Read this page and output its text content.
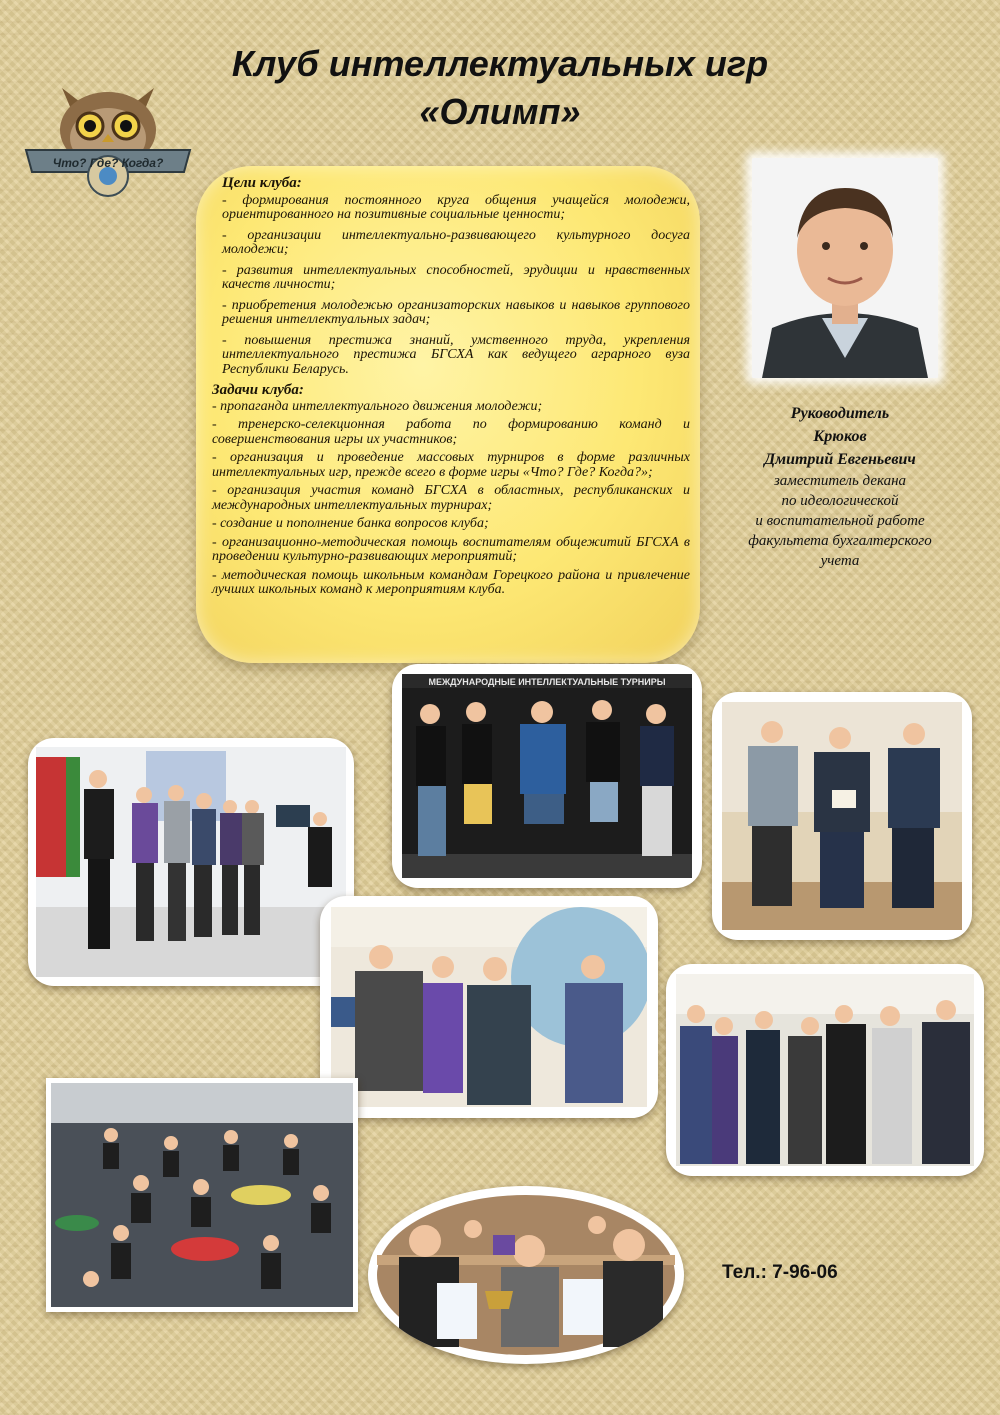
Клуб интеллектуальных игр
«Олимп»
Что? Где? Когда?
Цели клуба:
- формирования постоянного круга общения учащейся молодежи, ориентированного на позитивные социальные ценности;
- организации интеллектуально-развивающего культурного досуга молодежи;
- развития интеллектуальных способностей, эрудиции и нравственных качеств личности;
- приобретения молодежью организаторских навыков и навыков группового решения интеллектуальных задач;
- повышения престижа знаний, умственного труда, укрепления интеллектуального престижа БГСХА как ведущего аграрного вуза Республики Беларусь.
Задачи клуба:
- пропаганда интеллектуального движения молодежи;
- тренерско-селекционная работа по формированию команд и совершенствования игры их участников;
- организация и проведение массовых турниров в форме различных интеллектуальных игр, прежде всего в форме игры «Что? Где? Когда?»;
- организация участия команд БГСХА в областных, республиканских и международных интеллектуальных турнирах;
- создание и пополнение банка вопросов клуба;
- организационно-методическая помощь воспитателям общежитий БГСХА в проведении культурно-развивающих мероприятий;
- методическая помощь школьным командам Горецкого района и привлечение лучших школьных команд к мероприятиям клуба.
Руководитель
Крюков
Дмитрий Евгеньевич
заместитель декана
по идеологической
и воспитательной работе
факультета бухгалтерского
учета
МЕЖДУНАРОДНЫЕ ИНТЕЛЛЕКТУАЛЬНЫЕ ТУРНИРЫ
Тел.: 7-96-06
